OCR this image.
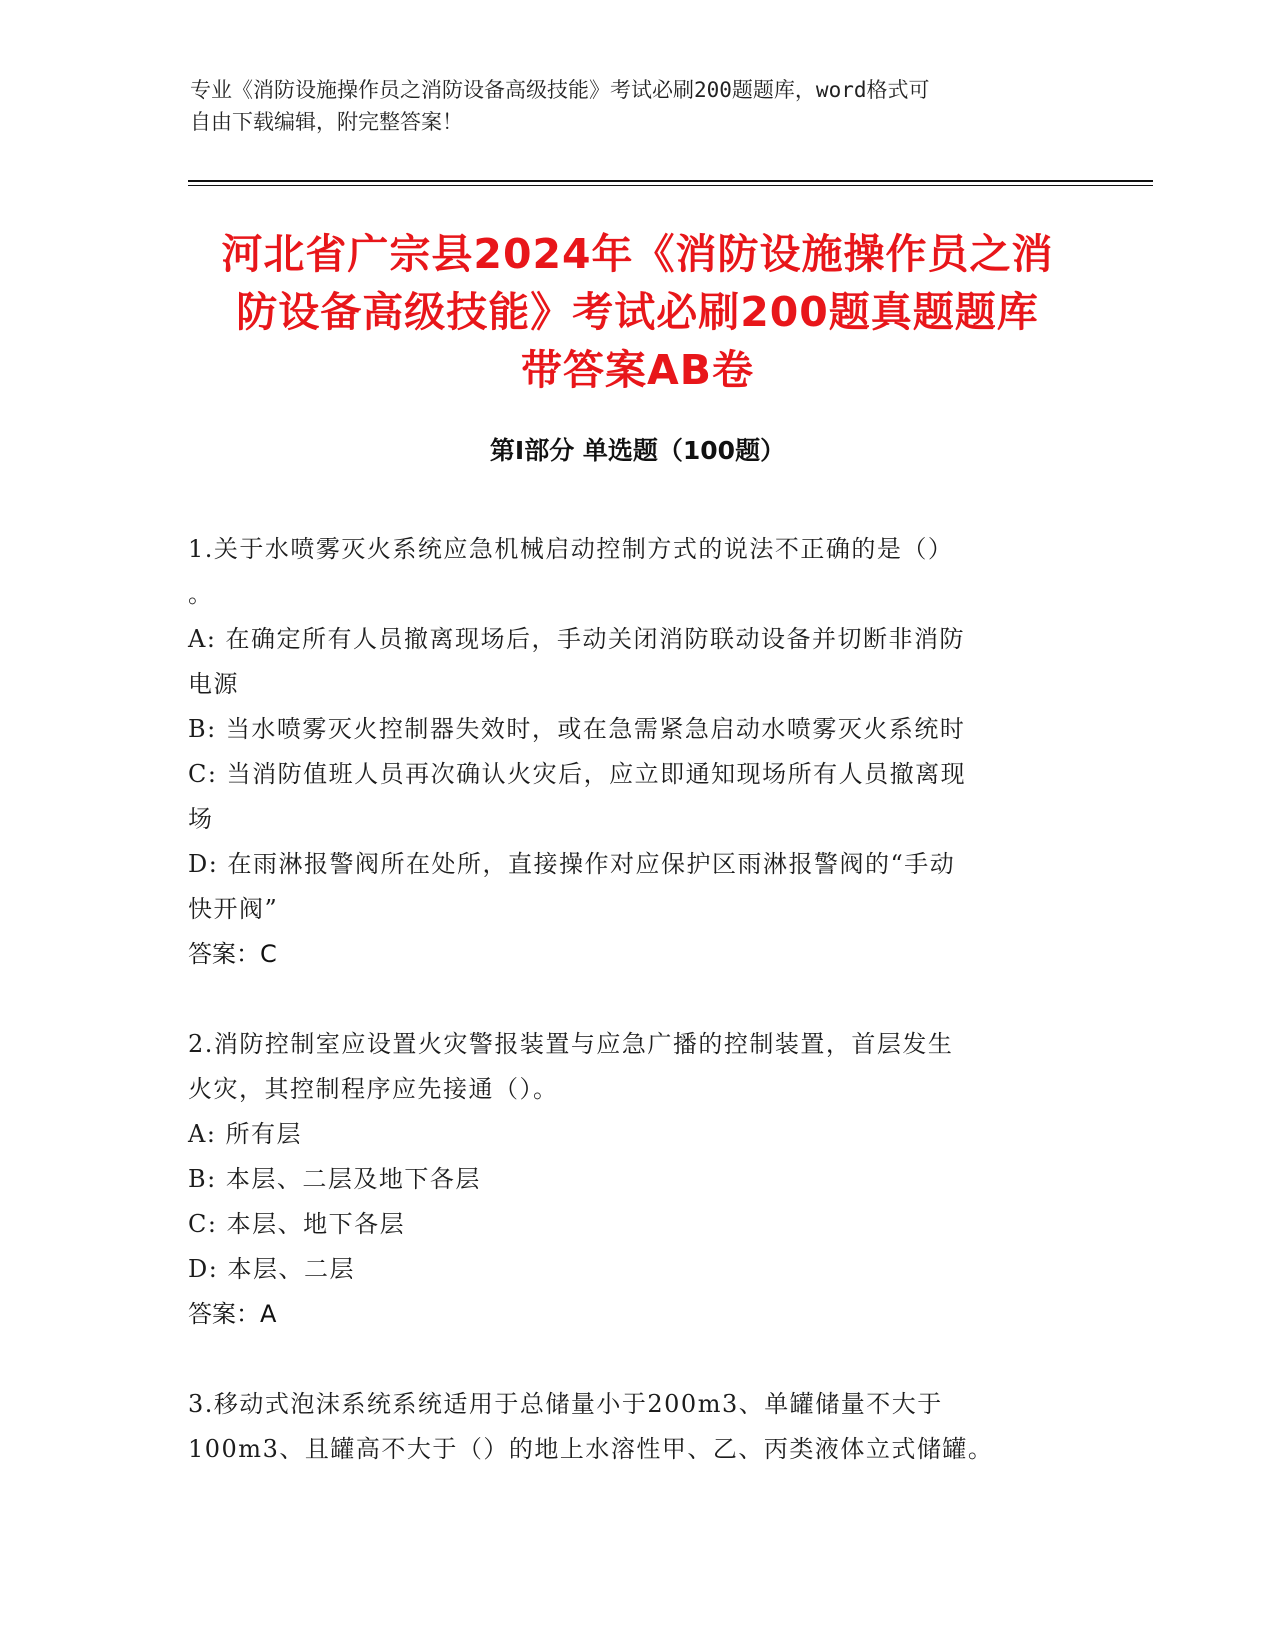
专业《消防设施操作员之消防设备高级技能》考试必刷200题题库，word格式可
自由下载编辑，附完整答案！
河北省广宗县2024年《消防设施操作员之消
防设备高级技能》考试必刷200题真题题库
带答案AB卷
第I部分 单选题（100题）

1.关于水喷雾灭火系统应急机械启动控制方式的说法不正确的是（）

。

A: 在确定所有人员撤离现场后，手动关闭消防联动设备并切断非消防

电源

B: 当水喷雾灭火控制器失效时，或在急需紧急启动水喷雾灭火系统时

C: 当消防值班人员再次确认火灾后，应立即通知现场所有人员撤离现

场

D: 在雨淋报警阀所在处所，直接操作对应保护区雨淋报警阀的“手动

快开阀”

答案：C

2.消防控制室应设置火灾警报装置与应急广播的控制装置，首层发生

火灾，其控制程序应先接通（）。

A: 所有层

B: 本层、二层及地下各层

C: 本层、地下各层

D: 本层、二层

答案：A

3.移动式泡沫系统系统适用于总储量小于200m3、单罐储量不大于

100m3、且罐高不大于（）的地上水溶性甲、乙、丙类液体立式储罐。
